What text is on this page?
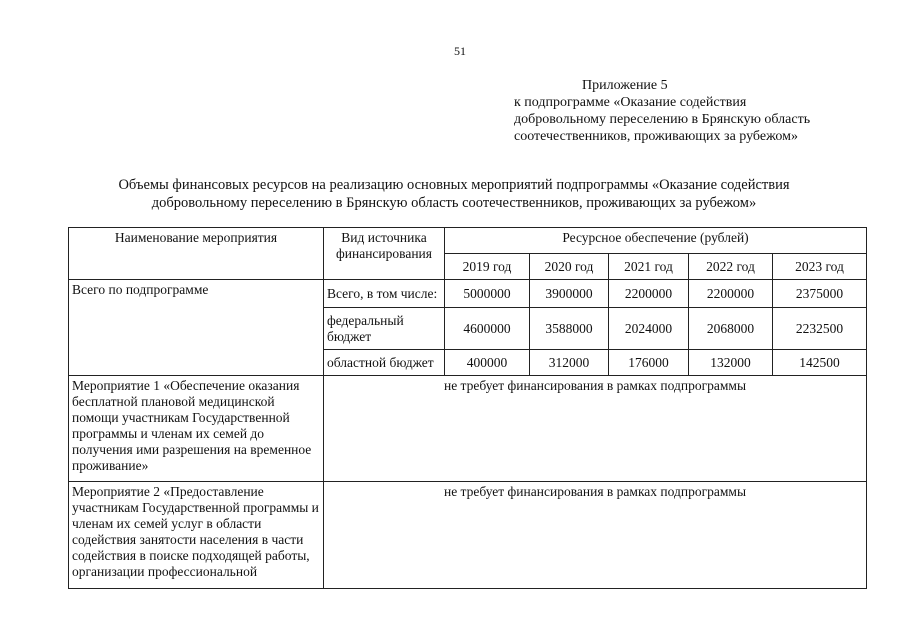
51
Приложение 5
к подпрограмме «Оказание содействия
добровольному переселению в Брянскую область
соотечественников, проживающих за рубежом»
Объемы финансовых ресурсов на реализацию основных мероприятий подпрограммы «Оказание содействия
добровольному переселению в Брянскую область соотечественников, проживающих за рубежом»
Наименование мероприятия	Вид источника финансирования	Ресурсное обеспечение (рублей)				
		2019 год	2020 год	2021 год	2022 год	2023 год
Всего по подпрограмме	Всего, в том числе:	5000000	3900000	2200000	2200000	2375000
	федеральный бюджет	4600000	3588000	2024000	2068000	2232500
	областной бюджет	400000	312000	176000	132000	142500
Мероприятие 1 «Обеспечение оказания бесплатной плановой медицинской помощи участникам Государственной программы и членам их семей до получения ими разрешения на временное проживание»	не требует финансирования в рамках подпрограммы					
Мероприятие 2 «Предоставление участникам Государственной программы и членам их семей услуг в области содействия занятости населения в части содействия в поиске подходящей работы, организации профессиональной	не требует финансирования в рамках подпрограммы					
